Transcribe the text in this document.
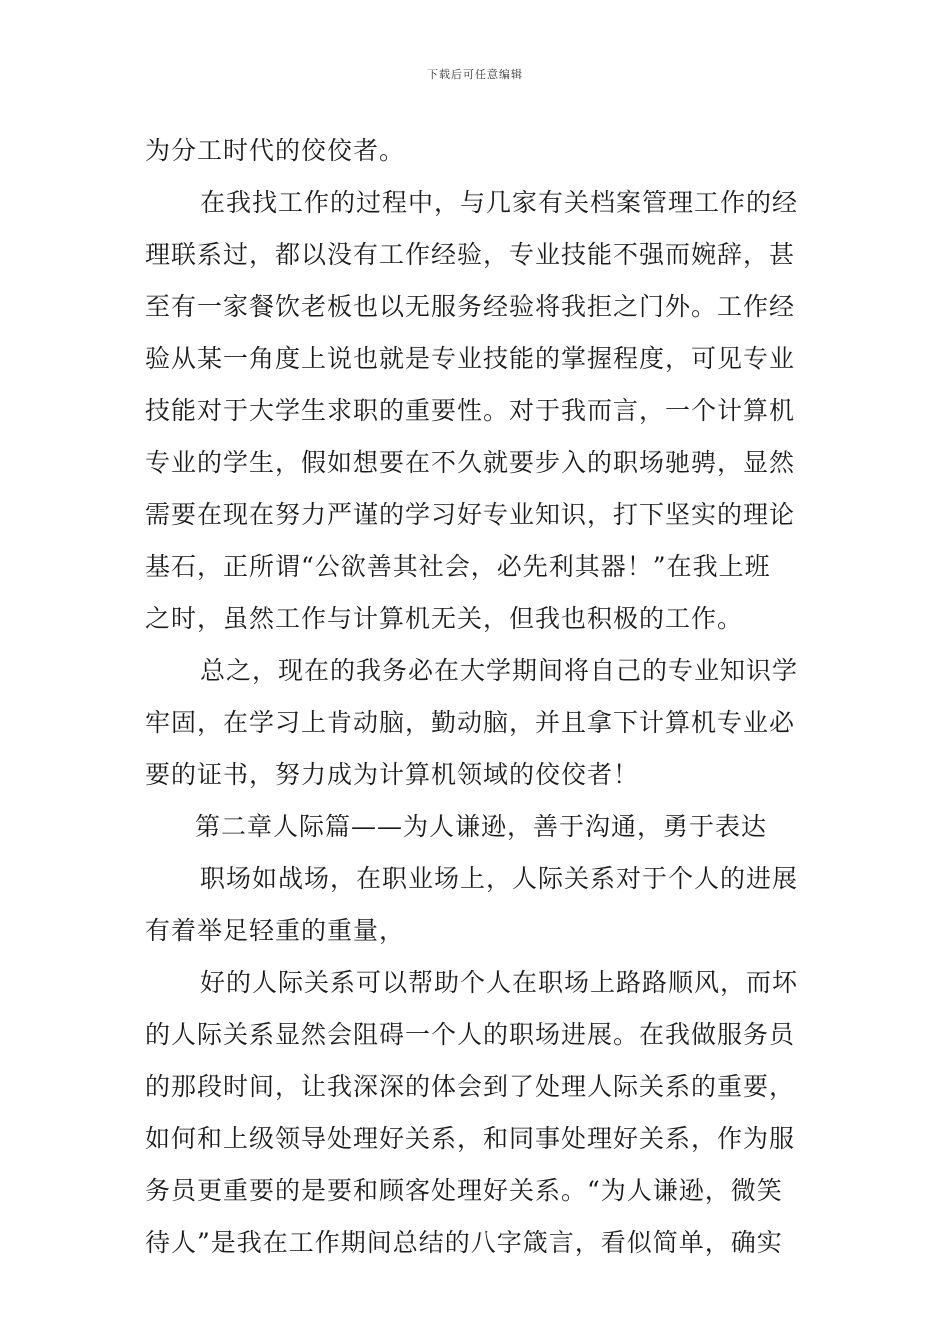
下载后可任意编辑
为分工时代的佼佼者。
在我找工作的过程中，与几家有关档案管理工作的经
理联系过，都以没有工作经验，专业技能不强而婉辞，甚
至有一家餐饮老板也以无服务经验将我拒之门外。工作经
验从某一角度上说也就是专业技能的掌握程度，可见专业
技能对于大学生求职的重要性。对于我而言，一个计算机
专业的学生，假如想要在不久就要步入的职场驰骋，显然
需要在现在努力严谨的学习好专业知识，打下坚实的理论
基石，正所谓“公欲善其社会，必先利其器！”在我上班
之时，虽然工作与计算机无关，但我也积极的工作。
总之，现在的我务必在大学期间将自己的专业知识学
牢固，在学习上肯动脑，勤动脑，并且拿下计算机专业必
要的证书，努力成为计算机领域的佼佼者！
第二章人际篇——为人谦逊，善于沟通，勇于表达
职场如战场，在职业场上，人际关系对于个人的进展
有着举足轻重的重量，
好的人际关系可以帮助个人在职场上路路顺风，而坏
的人际关系显然会阻碍一个人的职场进展。在我做服务员
的那段时间，让我深深的体会到了处理人际关系的重要，
如何和上级领导处理好关系，和同事处理好关系，作为服
务员更重要的是要和顾客处理好关系。“为人谦逊，微笑
待人”是我在工作期间总结的八字箴言，看似简单，确实
